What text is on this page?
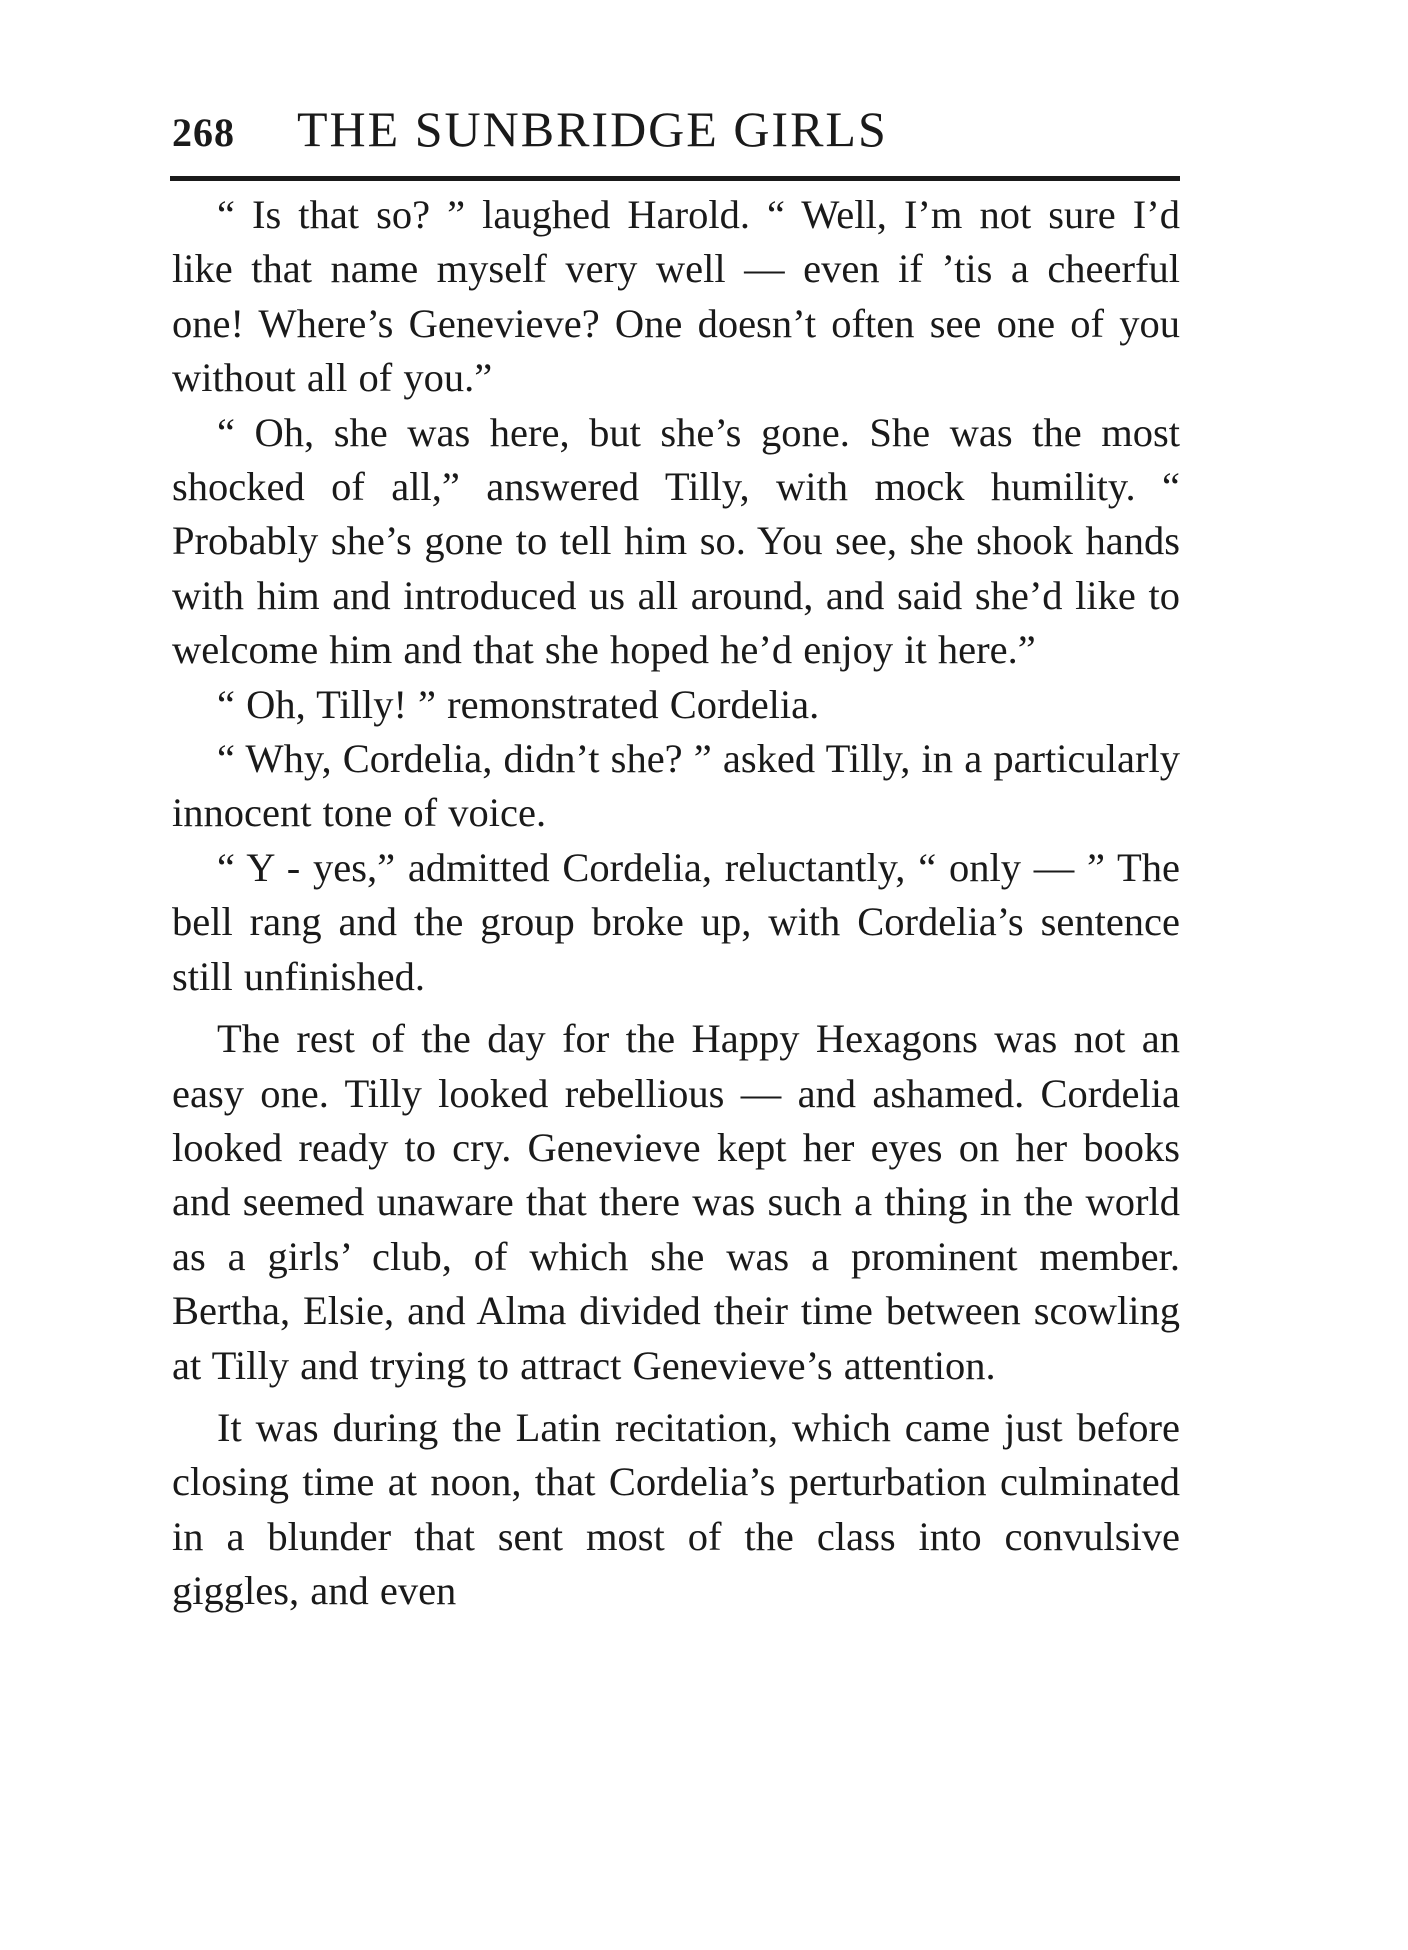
268 THE SUNBRIDGE GIRLS

“ Is that so? ” laughed Harold. “ Well, I’m not sure I’d like that name myself very well — even if ’tis a cheerful one! Where’s Genevieve? One doesn’t often see one of you without all of you.”

“ Oh, she was here, but she’s gone. She was the most shocked of all,” answered Tilly, with mock humility. “ Probably she’s gone to tell him so. You see, she shook hands with him and introduced us all around, and said she’d like to welcome him and that she hoped he’d enjoy it here.”

“ Oh, Tilly! ” remonstrated Cordelia.

“ Why, Cordelia, didn’t she? ” asked Tilly, in a particularly innocent tone of voice.

“ Y - yes,” admitted Cordelia, reluctantly, “ only — ” The bell rang and the group broke up, with Cordelia’s sentence still unfinished.

The rest of the day for the Happy Hexagons was not an easy one. Tilly looked rebellious — and ashamed. Cordelia looked ready to cry. Genevieve kept her eyes on her books and seemed unaware that there was such a thing in the world as a girls’ club, of which she was a prominent member. Bertha, Elsie, and Alma divided their time between scowling at Tilly and trying to attract Genevieve’s attention.

It was during the Latin recitation, which came just before closing time at noon, that Cordelia’s perturbation culminated in a blunder that sent most of the class into convulsive giggles, and even
